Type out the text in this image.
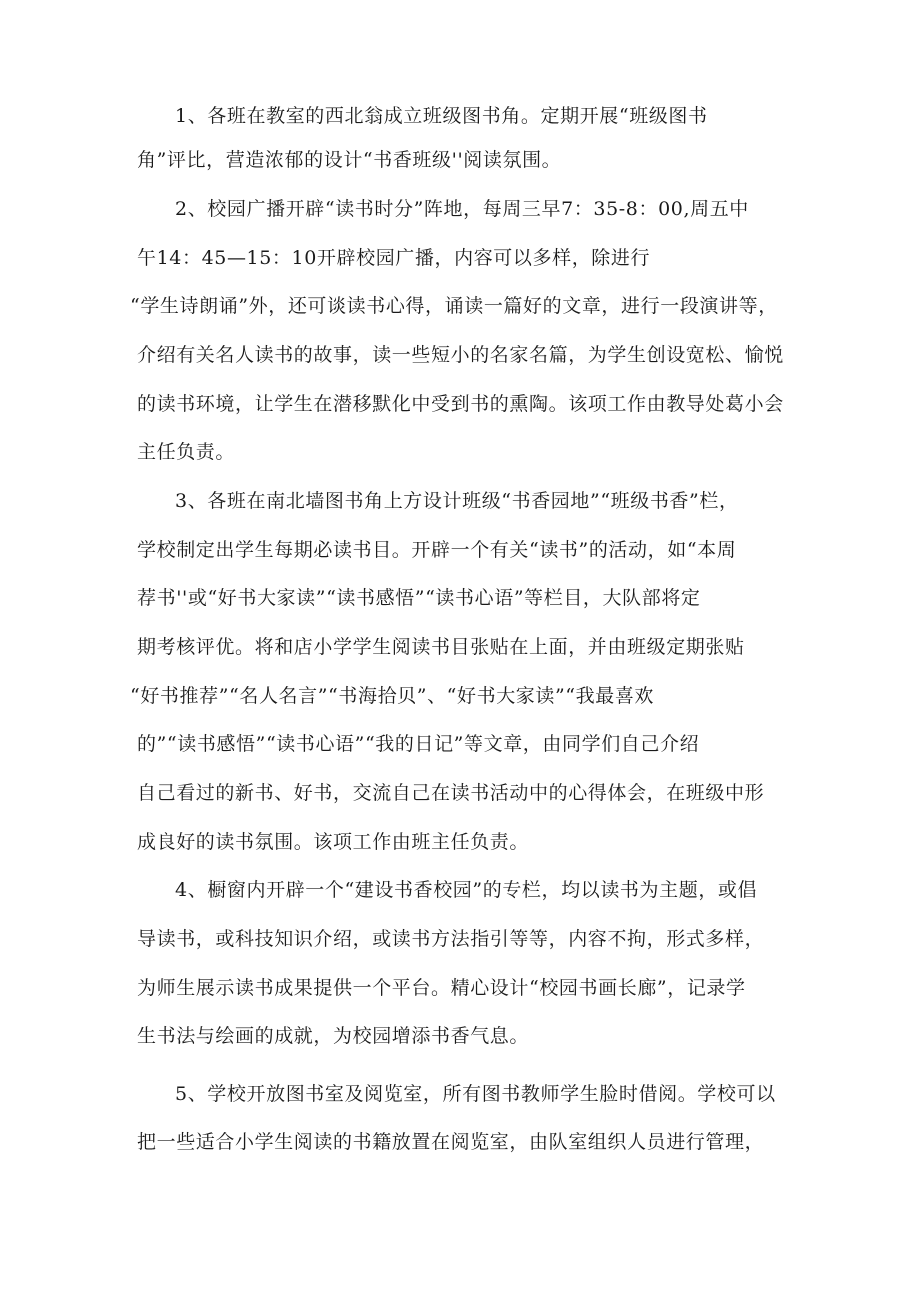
1、各班在教室的西北翁成立班级图书角。定期开展“班级图书
角”评比，营造浓郁的设计“书香班级''阅读氛围。
2、校园广播开辟“读书时分”阵地，每周三早7：35-8：00,周五中
午14：45—15：10开辟校园广播，内容可以多样，除进行
“学生诗朗诵”外，还可谈读书心得，诵读一篇好的文章，进行一段演讲等，
介绍有关名人读书的故事，读一些短小的名家名篇，为学生创设宽松、愉悦
的读书环境，让学生在潜移默化中受到书的熏陶。该项工作由教导处葛小会
主任负责。
3、各班在南北墙图书角上方设计班级“书香园地”“班级书香”栏，
学校制定出学生每期必读书目。开辟一个有关“读书”的活动，如“本周
荐书''或“好书大家读”“读书感悟”“读书心语”等栏目，大队部将定
期考核评优。将和店小学学生阅读书目张贴在上面，并由班级定期张贴
“好书推荐”“名人名言”“书海拾贝”、“好书大家读”“我最喜欢
的”“读书感悟”“读书心语”“我的日记”等文章，由同学们自己介绍
自己看过的新书、好书，交流自己在读书活动中的心得体会，在班级中形
成良好的读书氛围。该项工作由班主任负责。
4、橱窗内开辟一个“建设书香校园”的专栏，均以读书为主题，或倡
导读书，或科技知识介绍，或读书方法指引等等，内容不拘，形式多样，
为师生展示读书成果提供一个平台。精心设计“校园书画长廊”，记录学
生书法与绘画的成就，为校园增添书香气息。
5、学校开放图书室及阅览室，所有图书教师学生脸时借阅。学校可以
把一些适合小学生阅读的书籍放置在阅览室，由队室组织人员进行管理，
